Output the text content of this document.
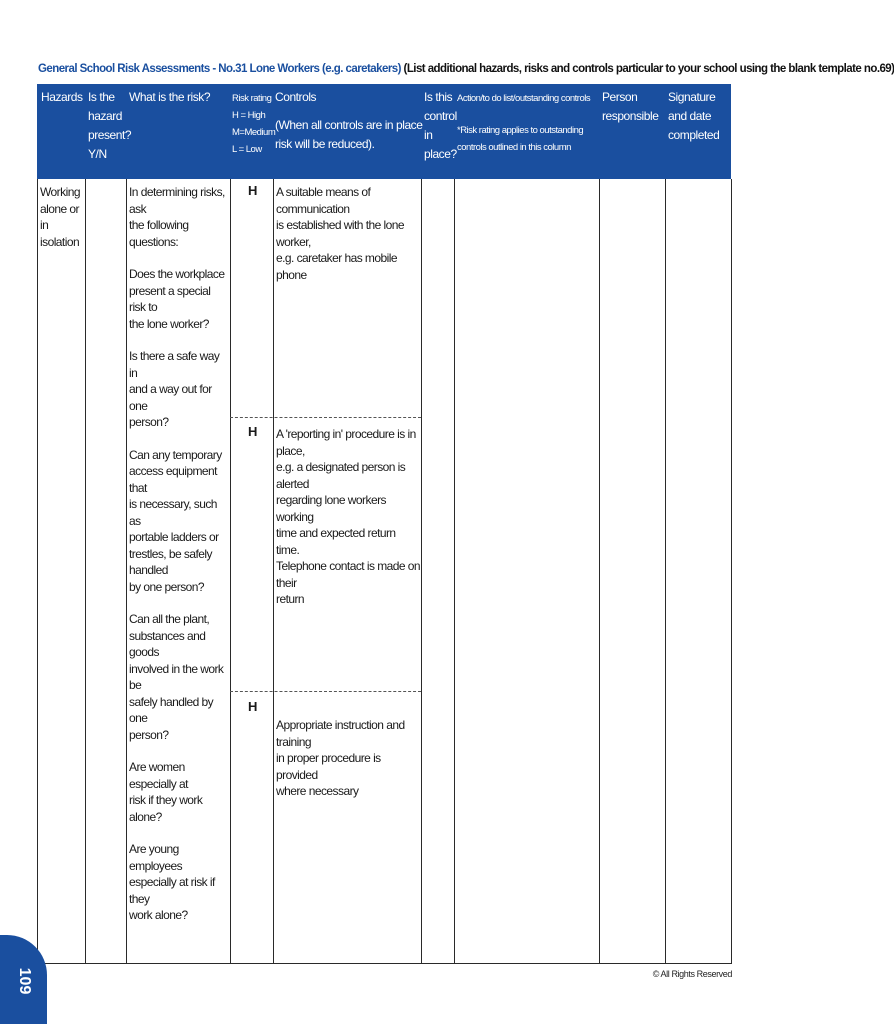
General School Risk Assessments - No.31 Lone Workers (e.g. caretakers) (List additional hazards, risks and controls particular to your school using the blank template no.69)
Hazards Is the
hazard
present?
Y/N
What is the risk? Risk rating
H = High
M=Medium
L = Low
Controls
(When all controls are in place
risk will be reduced).
Is this
control
in
place?
Action/to do list/outstanding controls
*Risk rating applies to outstanding
controls outlined in this column
Person
responsible
Signature
and date
completed
Working
alone or in
isolation
In determining risks, ask
the following questions:
Does the workplace
present a special risk to
the lone worker?
Is there a safe way in
and a way out for one
person?
Can any temporary
access equipment that
is necessary, such as
portable ladders or
trestles, be safely handled
by one person?
Can all the plant,
substances and goods
involved in the work be
safely handled by one
person?
Are women especially at
risk if they work alone?
Are young employees
especially at risk if they
work alone?
H
H
H
A suitable means of communication
is established with the lone worker,
e.g. caretaker has mobile phone
A 'reporting in' procedure is in place,
e.g. a designated person is alerted
regarding lone workers working
time and expected return time.
Telephone contact is made on their
return
Appropriate instruction and training
in proper procedure is provided
where necessary
© All Rights Reserved
109
